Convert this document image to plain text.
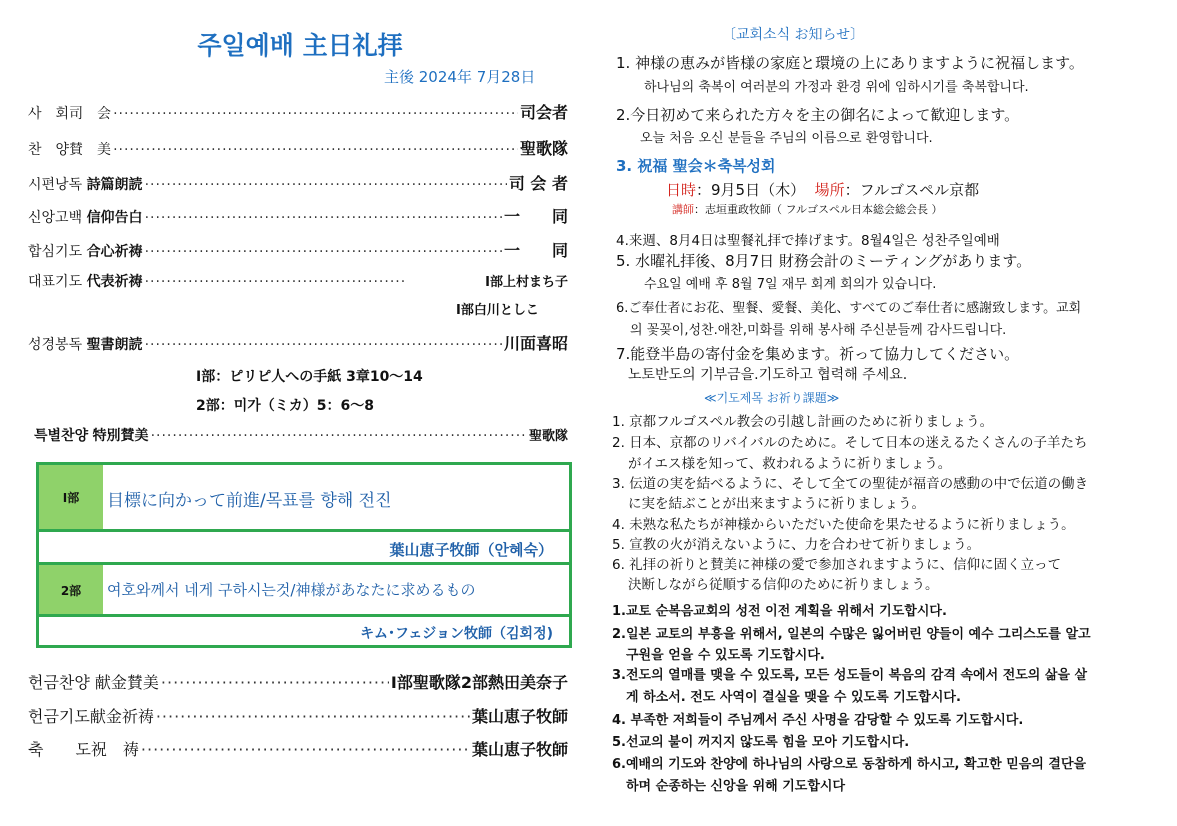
주일예배 主日礼拝
主後 2024年 7月28日
사　회司　会 ·····	司会者
찬　양賛　美 ·····	聖歌隊
시편낭독 詩篇朗読 ·····	司 会 者
신앙고백 信仰告白 ·····	一　　同
합심기도 合心祈祷 ·····	一　　同
대표기도 代表祈祷 ·····	Ⅰ部上村まち子
Ⅰ部白川としこ
성경봉독 聖書朗読 ·····	川面喜昭
Ⅰ部：ピリピ人への手紙 3章10～14
2部：미가（ミカ）5：6～8
특별찬양 特別賛美 ·····	聖歌隊
Ⅰ部	目標に向かって前進/목표를 향해 전진
葉山恵子牧師（안혜숙）
2部	여호와께서 네게 구하시는것/神様があなたに求めるもの
キム･フェジョン牧師（김회정)
헌금찬양 献金賛美 ·····	Ⅰ部聖歌隊2部熱田美奈子
헌금기도献金祈祷 ·····	葉山恵子牧師
축　　도祝　祷 ·····	葉山恵子牧師
〔교회소식 お知らせ〕
1. 神様の恵みが皆様の家庭と環境の上にありますように祝福します。
하나님의 축복이 여러분의 가정과 환경 위에 임하시기를 축복합니다.
2.今日初めて来られた方々を主の御名によって歓迎します。
오늘 처음 오신 분들을 주님의 이름으로 환영합니다.
3. 祝福 聖会＊축복성회
日時：9月5日（木） 場所：フルゴスペル京都
講師：志垣重政牧師（ フルゴスペル日本総会総会長 ）
4.来週、8月4日は聖餐礼拝で捧げます。8월4일은 성찬주일예배
5. 水曜礼拝後、8月7日 財務会計のミーティングがあります。
수요일 예배 후 8월 7일 재무 회계 회의가 있습니다.
6.ご奉仕者にお花、聖餐、愛餐、美化、すべてのご奉仕者に感謝致します。교회
의 꽃꽂이,성찬.애찬,미화를 위해 봉사해 주신분들께 감사드립니다.
7.能登半島の寄付金を集めます。祈って協力してください。
노토반도의 기부금을.기도하고 협력해 주세요.
≪기도제목 お祈り課題≫
1. 京都フルゴスペル教会の引越し計画のために祈りましょう。
2. 日本、京都のリバイバルのために。そして日本の迷えるたくさんの子羊たち
がイエス様を知って、救われるように祈りましょう。
3. 伝道の実を結べるように、そして全ての聖徒が福音の感動の中で伝道の働き
に実を結ぶことが出来ますように祈りましょう。
4. 未熟な私たちが神様からいただいた使命を果たせるように祈りましょう。
5. 宣教の火が消えないように、力を合わせて祈りましょう。
6. 礼拝の祈りと賛美に神様の愛で参加されますように、信仰に固く立って
決断しながら従順する信仰のために祈りましょう。
1.교토 순복음교회의 성전 이전 계획을 위해서 기도합시다.
2.일본 교토의 부흥을 위해서, 일본의 수많은 잃어버린 양들이 예수 그리스도를 알고
구원을 얻을 수 있도록 기도합시다.
3.전도의 열매를 맺을 수 있도록, 모든 성도들이 복음의 감격 속에서 전도의 삶을 살
게 하소서. 전도 사역이 결실을 맺을 수 있도록 기도합시다.
4. 부족한 저희들이 주님께서 주신 사명을 감당할 수 있도록 기도합시다.
5.선교의 불이 꺼지지 않도록 힘을 모아 기도합시다.
6.예배의 기도와 찬양에 하나님의 사랑으로 동참하게 하시고, 확고한 믿음의 결단을
하며 순종하는 신앙을 위해 기도합시다
